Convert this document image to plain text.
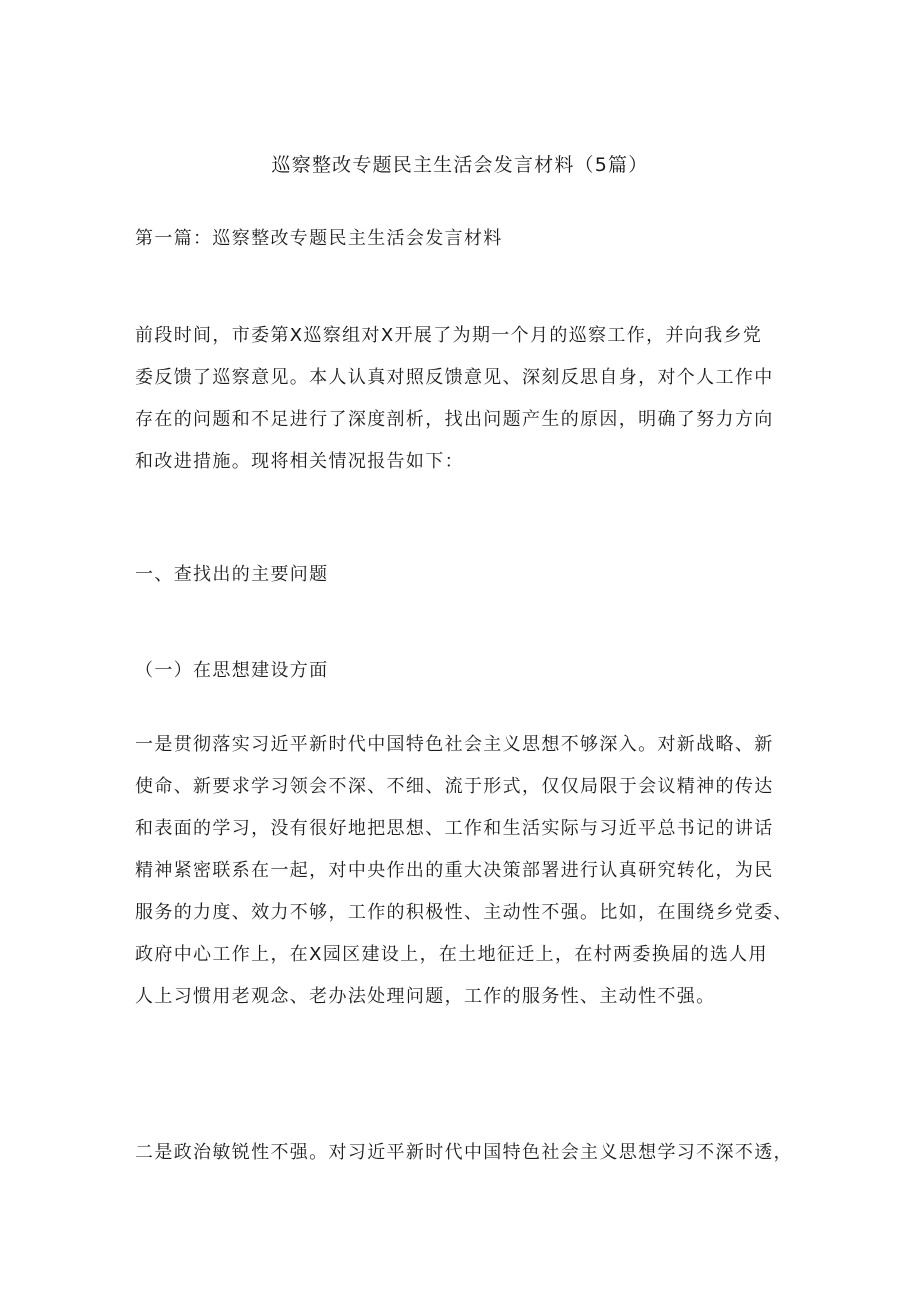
巡察整改专题民主生活会发言材料（5篇）
第一篇：巡察整改专题民主生活会发言材料
前段时间，市委第X巡察组对X开展了为期一个月的巡察工作，并向我乡党
委反馈了巡察意见。本人认真对照反馈意见、深刻反思自身，对个人工作中
存在的问题和不足进行了深度剖析，找出问题产生的原因，明确了努力方向
和改进措施。现将相关情况报告如下：
一、查找出的主要问题
（一）在思想建设方面
一是贯彻落实习近平新时代中国特色社会主义思想不够深入。对新战略、新
使命、新要求学习领会不深、不细、流于形式，仅仅局限于会议精神的传达
和表面的学习，没有很好地把思想、工作和生活实际与习近平总书记的讲话
精神紧密联系在一起，对中央作出的重大决策部署进行认真研究转化，为民
服务的力度、效力不够，工作的积极性、主动性不强。比如，在围绕乡党委、
政府中心工作上，在X园区建设上，在土地征迁上，在村两委换届的选人用
人上习惯用老观念、老办法处理问题，工作的服务性、主动性不强。
二是政治敏锐性不强。对习近平新时代中国特色社会主义思想学习不深不透，
